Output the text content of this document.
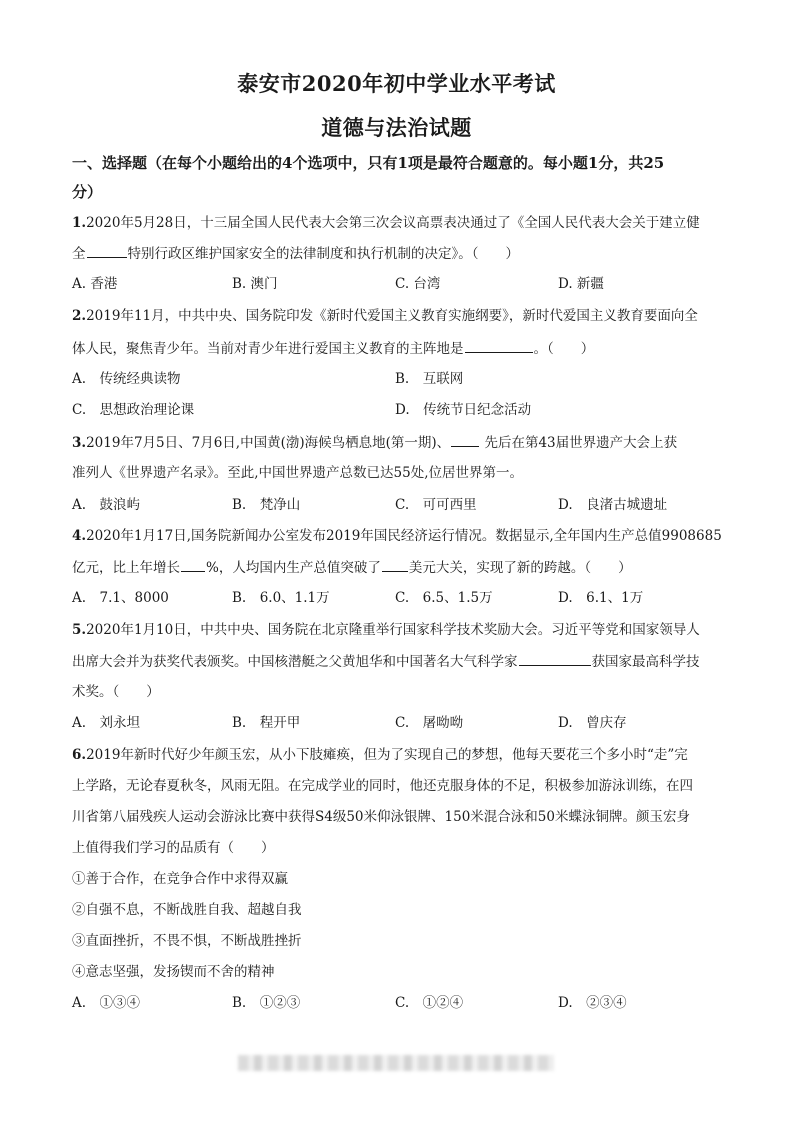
泰安市2020年初中学业水平考试
道德与法治试题
一、选择题（在每个小题给出的4个选项中，只有1项是最符合题意的。每小题1分，共25
分）
1.2020年5月28日，十三届全国人民代表大会第三次会议高票表决通过了《全国人民代表大会关于建立健
全	特别行政区维护国家安全的法律制度和执行机制的决定》。（　　）
A. 香港	B. 澳门	C. 台湾	D. 新疆
2.2019年11月，中共中央、国务院印发《新时代爱国主义教育实施纲要》，新时代爱国主义教育要面向全
体人民，聚焦青少年。当前对青少年进行爱国主义教育的主阵地是	。（　　）
A.　传统经典读物	B.　互联网
C.　思想政治理论课	D.　传统节日纪念活动
3.2019年7月5日、7月6日,中国黄(渤)海候鸟栖息地(第一期)、	先后在第43届世界遗产大会上获
准列人《世界遗产名录》。至此,中国世界遗产总数已达55处,位居世界第一。
A.　鼓浪屿	B.　梵净山	C.　可可西里	D.　良渚古城遗址
4.2020年1月17日,国务院新闻办公室发布2019年国民经济运行情况。数据显示,全年国内生产总值9908685
亿元，比上年增长 %，人均国内生产总值突破了 美元大关，实现了新的跨越。（　　）
A.　7.1、8000	B.　6.0、1.1万	C.　6.5、1.5万	D.　6.1、1万
5.2020年1月10日，中共中央、国务院在北京隆重举行国家科学技术奖励大会。习近平等党和国家领导人
出席大会并为获奖代表颁奖。中国核潜艇之父黄旭华和中国著名大气科学家	获国家最高科学技
术奖。（　　）
A.　刘永坦	B.　程开甲	C.　屠呦呦	D.　曾庆存
6.2019年新时代好少年颜玉宏，从小下肢瘫痪，但为了实现自己的梦想，他每天要花三个多小时“走”完
上学路，无论春夏秋冬，风雨无阻。在完成学业的同时，他还克服身体的不足，积极参加游泳训练，在四
川省第八届残疾人运动会游泳比赛中获得S4级50米仰泳银牌、150米混合泳和50米蝶泳铜牌。颜玉宏身
上值得我们学习的品质有（　　）
①善于合作，在竞争合作中求得双赢
②自强不息，不断战胜自我、超越自我
③直面挫折，不畏不惧，不断战胜挫折
④意志坚强，发扬锲而不舍的精神
A.　①③④	B.　①②③	C.　①②④	D.　②③④
